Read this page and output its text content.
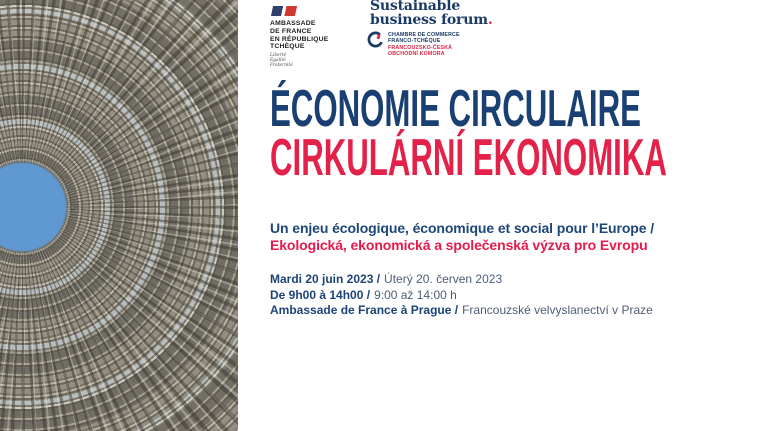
AMBASSADE
DE FRANCE
EN RÉPUBLIQUE
TCHÈQUE
Liberté
Égalité
Fraternité
Sustainable
business forum.
CHAMBRE DE COMMERCE
FRANCO-TCHÈQUE
FRANCOUZSKO-ČESKÁ
OBCHODNÍ KOMORA
ÉCONOMIE CIRCULAIRE
CIRKULÁRNÍ EKONOMIKA
Un enjeu écologique, économique et social pour l’Europe /
Ekologická, ekonomická a společenská výzva pro Evropu
Mardi 20 juin 2023 / Úterý 20. červen 2023
De 9h00 à 14h00 / 9:00 až 14:00 h
Ambassade de France à Prague / Francouzské velvyslanectví v Praze
